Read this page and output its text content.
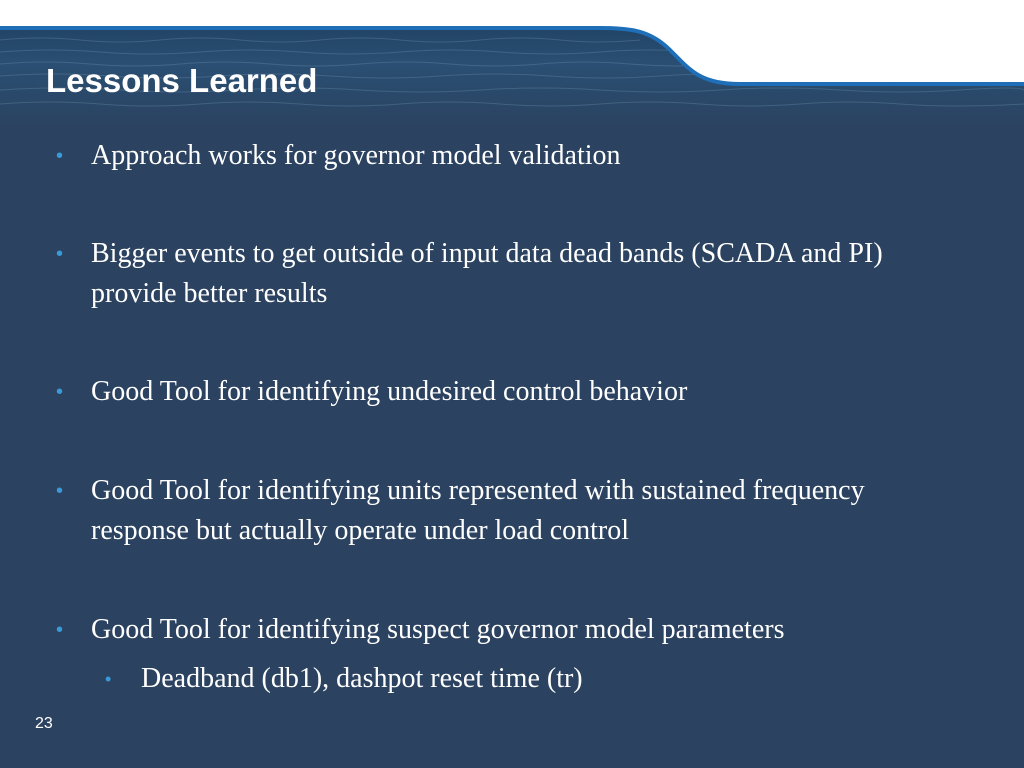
Lessons Learned
• Approach works for governor model validation
• Bigger events to get outside of input data dead bands (SCADA and PI) provide better results
• Good Tool for identifying undesired control behavior
• Good Tool for identifying units represented with sustained frequency response but actually operate under load control
• Good Tool for identifying suspect governor model parameters
• Deadband (db1), dashpot reset time (tr)
23
